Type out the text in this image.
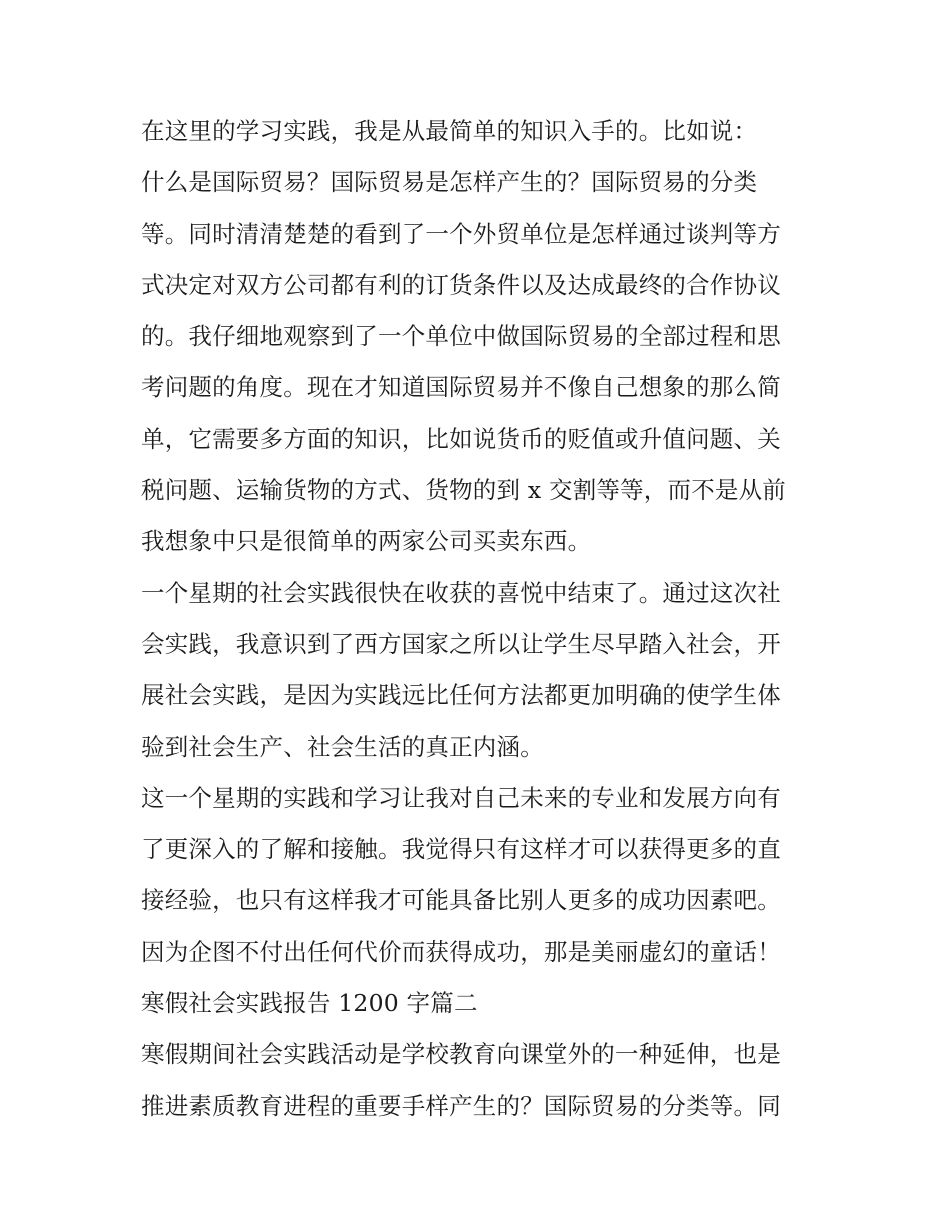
在这里的学习实践，我是从最简单的知识入手的。比如说：
什么是国际贸易？国际贸易是怎样产生的？国际贸易的分类
等。同时清清楚楚的看到了一个外贸单位是怎样通过谈判等方
式决定对双方公司都有利的订货条件以及达成最终的合作协议
的。我仔细地观察到了一个单位中做国际贸易的全部过程和思
考问题的角度。现在才知道国际贸易并不像自己想象的那么简
单，它需要多方面的知识，比如说货币的贬值或升值问题、关
税问题、运输货物的方式、货物的到 x 交割等等，而不是从前
我想象中只是很简单的两家公司买卖东西。
一个星期的社会实践很快在收获的喜悦中结束了。通过这次社
会实践，我意识到了西方国家之所以让学生尽早踏入社会，开
展社会实践，是因为实践远比任何方法都更加明确的使学生体
验到社会生产、社会生活的真正内涵。
这一个星期的实践和学习让我对自己未来的专业和发展方向有
了更深入的了解和接触。我觉得只有这样才可以获得更多的直
接经验，也只有这样我才可能具备比别人更多的成功因素吧。
因为企图不付出任何代价而获得成功，那是美丽虚幻的童话！
寒假社会实践报告 1200 字篇二
寒假期间社会实践活动是学校教育向课堂外的一种延伸，也是
推进素质教育进程的重要手样产生的？国际贸易的分类等。同
